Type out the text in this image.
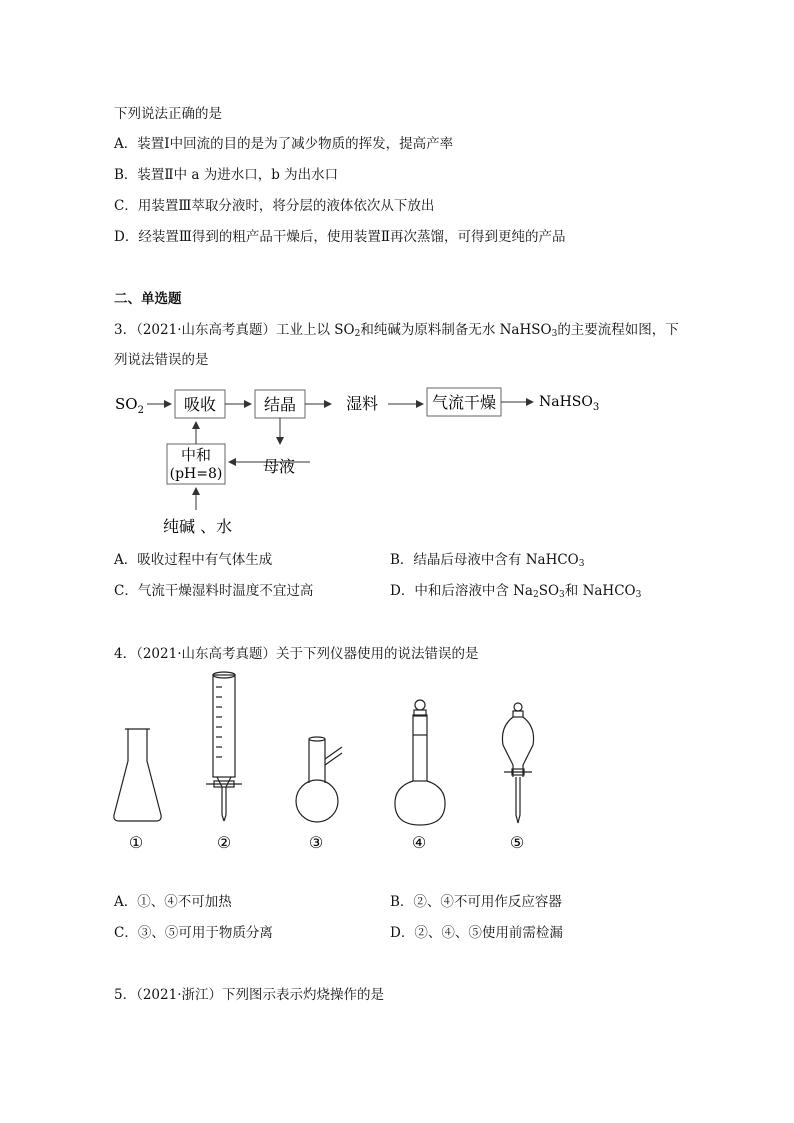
下列说法正确的是
A．装置Ⅰ中回流的目的是为了减少物质的挥发，提高产率
B．装置Ⅱ中 a 为进水口，b 为出水口
C．用装置Ⅲ萃取分液时，将分层的液体依次从下放出
D．经装置Ⅲ得到的粗产品干燥后，使用装置Ⅱ再次蒸馏，可得到更纯的产品
二、单选题
3．（2021·山东高考真题）工业上以 $SO_2$和纯碱为原料制备无水 NaHSO$_3$的主要流程如图，下
列说法错误的是
$SO_2$	吸收	结晶	湿料	气流干燥	NaHSO$_3$
母液
中和
(pH=8)
纯碱 、水
A．吸收过程中有气体生成	B．结晶后母液中含有 NaHCO$_3$
C．气流干燥湿料时温度不宜过高	D．中和后溶液中含 $Na_2SO_3$和 NaHCO$_3$
4．（2021·山东高考真题）关于下列仪器使用的说法错误的是
①	②	③	④	⑤
A．①、④不可加热	B．②、④不可用作反应容器
C．③、⑤可用于物质分离	D．②、④、⑤使用前需检漏
5．（2021·浙江）下列图示表示灼烧操作的是
